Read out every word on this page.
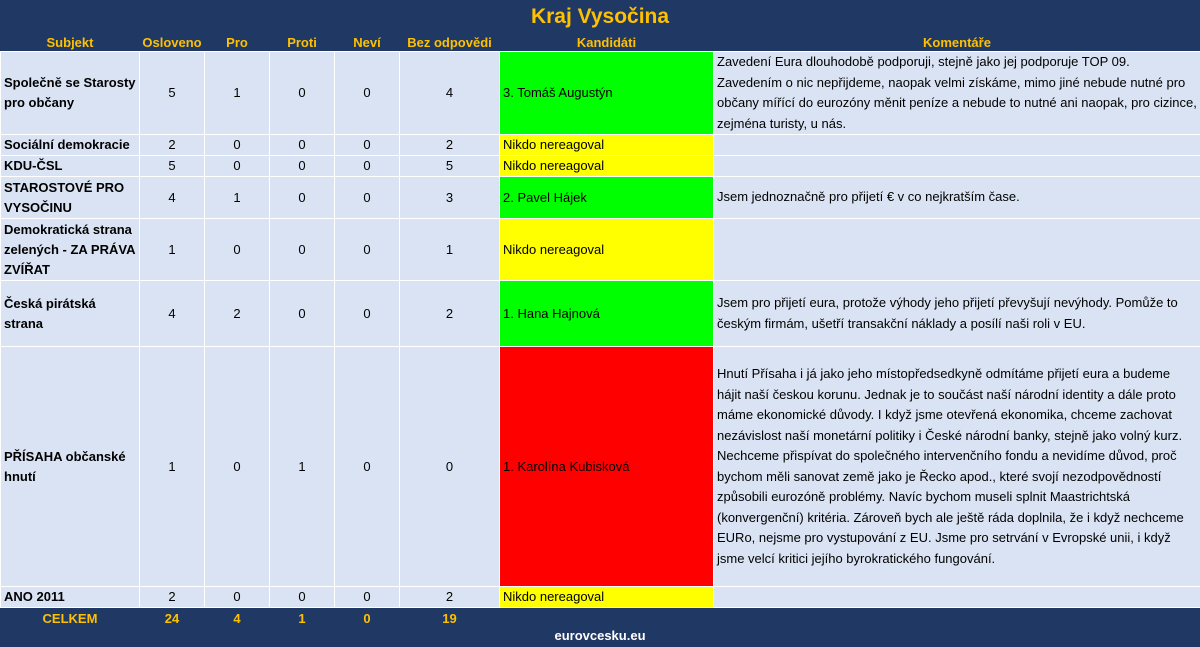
Kraj Vysočina
Subjekt	Osloveno	Pro	Proti	Neví	Bez odpovědi	Kandidáti	Komentáře
Společně se Starosty pro občany	5	1	0	0	4	3. Tomáš Augustýn	Zavedení Eura dlouhodobě podporuji, stejně jako jej podporuje TOP 09. Zavedením o nic nepřijdeme, naopak velmi získáme, mimo jiné nebude nutné pro občany mířící do eurozóny měnit peníze a nebude to nutné ani naopak, pro cizince, zejména turisty, u nás.
Sociální demokracie	2	0	0	0	2	Nikdo nereagoval	
KDU-ČSL	5	0	0	0	5	Nikdo nereagoval	
STAROSTOVÉ PRO VYSOČINU	4	1	0	0	3	2. Pavel Hájek	Jsem jednoznačně pro přijetí € v co nejkratším čase.
Demokratická strana zelených - ZA PRÁVA ZVÍŘAT	1	0	0	0	1	Nikdo nereagoval	
Česká pirátská strana	4	2	0	0	2	1. Hana Hajnová	Jsem pro přijetí eura, protože výhody jeho přijetí převyšují nevýhody. Pomůže to českým firmám, ušetří transakční náklady a posílí naši roli v EU.
PŘÍSAHA občanské hnutí	1	0	1	0	0	1. Karolína Kubisková	Hnutí Přísaha i já jako jeho místopředsedkyně odmítáme přijetí eura a budeme hájit naší českou korunu. Jednak je to součást naší národní identity a dále proto máme ekonomické důvody. I když jsme otevřená ekonomika, chceme zachovat nezávislost naší monetární politiky i České národní banky, stejně jako volný kurz. Nechceme přispívat do společného intervenčního fondu a nevidíme důvod, proč bychom měli sanovat země jako je Řecko apod., které svojí nezodpovědností způsobili eurozóně problémy. Navíc bychom museli splnit Maastrichtská (konvergenční) kritéria. Zároveň bych ale ještě ráda doplnila, že i když nechceme EURo, nejsme pro vystupování z EU. Jsme pro setrvání v Evropské unii, i když jsme velcí kritici jejího byrokratického fungování.
ANO 2011	2	0	0	0	2	Nikdo nereagoval	
CELKEM	24	4	1	0	19		
eurovcesku.eu
